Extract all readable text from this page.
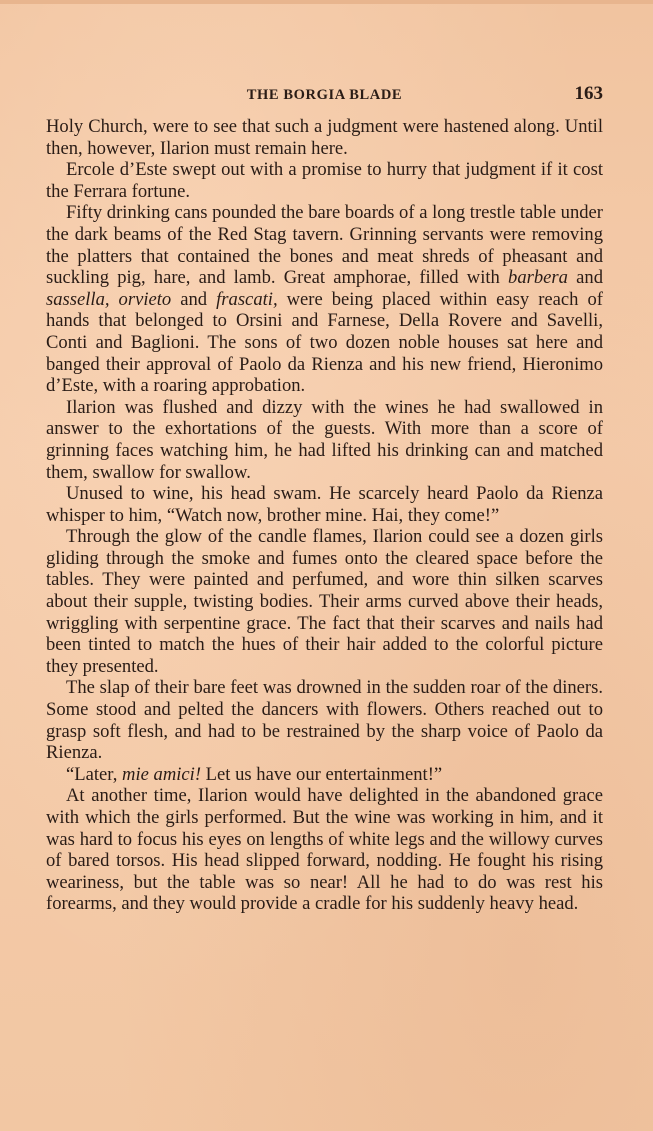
THE BORGIA BLADE	163

Holy Church, were to see that such a judgment were hastened along. Until then, however, Ilarion must remain here.

Ercole d’Este swept out with a promise to hurry that judgment if it cost the Ferrara fortune.

Fifty drinking cans pounded the bare boards of a long trestle table under the dark beams of the Red Stag tavern. Grinning servants were removing the platters that contained the bones and meat shreds of pheasant and suckling pig, hare, and lamb. Great amphorae, filled with barbera and sassella, orvieto and frascati, were being placed within easy reach of hands that belonged to Orsini and Farnese, Della Rovere and Savelli, Conti and Baglioni. The sons of two dozen noble houses sat here and banged their approval of Paolo da Rienza and his new friend, Hieronimo d’Este, with a roaring approbation.

Ilarion was flushed and dizzy with the wines he had swallowed in answer to the exhortations of the guests. With more than a score of grinning faces watching him, he had lifted his drinking can and matched them, swallow for swallow.

Unused to wine, his head swam. He scarcely heard Paolo da Rienza whisper to him, “Watch now, brother mine. Hai, they come!”

Through the glow of the candle flames, Ilarion could see a dozen girls gliding through the smoke and fumes onto the cleared space before the tables. They were painted and perfumed, and wore thin silken scarves about their supple, twisting bodies. Their arms curved above their heads, wriggling with serpentine grace. The fact that their scarves and nails had been tinted to match the hues of their hair added to the colorful picture they presented.

The slap of their bare feet was drowned in the sudden roar of the diners. Some stood and pelted the dancers with flowers. Others reached out to grasp soft flesh, and had to be restrained by the sharp voice of Paolo da Rienza.

“Later, mie amici! Let us have our entertainment!”

At another time, Ilarion would have delighted in the abandoned grace with which the girls performed. But the wine was working in him, and it was hard to focus his eyes on lengths of white legs and the willowy curves of bared torsos. His head slipped forward, nodding. He fought his rising weariness, but the table was so near! All he had to do was rest his forearms, and they would provide a cradle for his suddenly heavy head.
